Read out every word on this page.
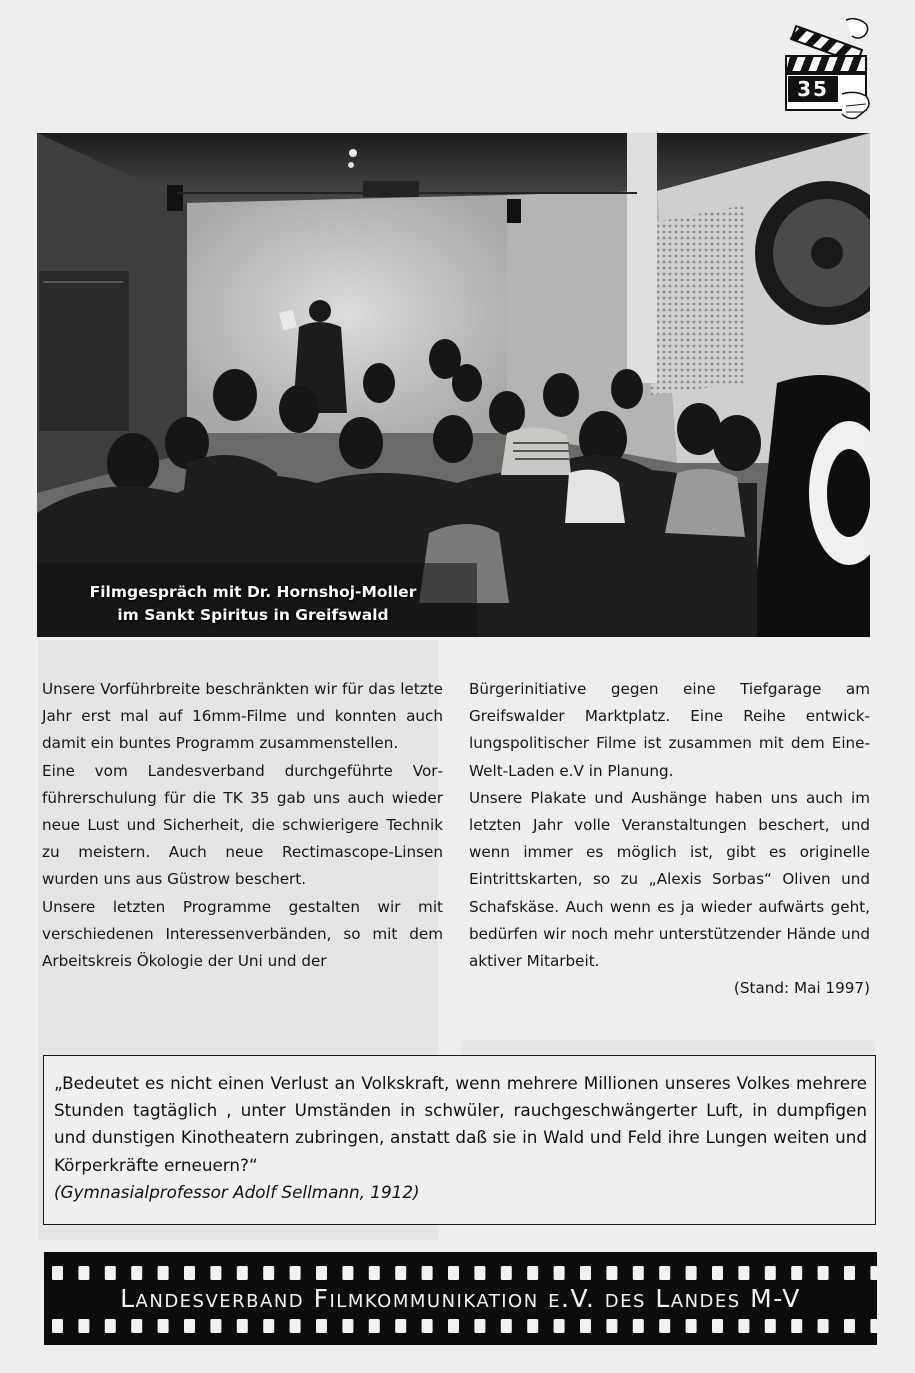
35
Filmgespräch mit Dr. Hornshoj-Moller
im Sankt Spiritus in Greifswald

Unsere Vorführbreite beschränkten wir für das letzte Jahr erst mal auf 16mm-Filme und konnten auch damit ein buntes Programm zusammenstellen.

Eine vom Landesverband durchgeführte Vorführerschulung für die TK 35 gab uns auch wieder neue Lust und Sicherheit, die schwierigere Technik zu meistern. Auch neue Rectimascope-Linsen wurden uns aus Güstrow beschert.

Unsere letzten Programme gestalten wir mit verschiedenen Interessenverbänden, so mit dem Arbeitskreis Ökologie der Uni und der

Bürgerinitiative gegen eine Tiefgarage am Greifswalder Marktplatz. Eine Reihe entwicklungspolitischer Filme ist zusammen mit dem Eine-Welt-Laden e.V in Planung.

Unsere Plakate und Aushänge haben uns auch im letzten Jahr volle Veranstaltungen beschert, und wenn immer es möglich ist, gibt es originelle Eintrittskarten, so zu „Alexis Sorbas“ Oliven und Schafskäse. Auch wenn es ja wieder aufwärts geht, bedürfen wir noch mehr unterstützender Hände und aktiver Mitarbeit.

(Stand: Mai 1997)

„Bedeutet es nicht einen Verlust an Volkskraft, wenn mehrere Millionen unseres Volkes mehrere Stunden tagtäglich , unter Umständen in schwüler, rauchgeschwängerter Luft, in dumpfigen und dunstigen Kinotheatern zubringen, anstatt daß sie in Wald und Feld ihre Lungen weiten und Körperkräfte erneuern?“

(Gymnasialprofessor Adolf Sellmann, 1912)

Landesverband Filmkommunikation e.V. des Landes M-V
